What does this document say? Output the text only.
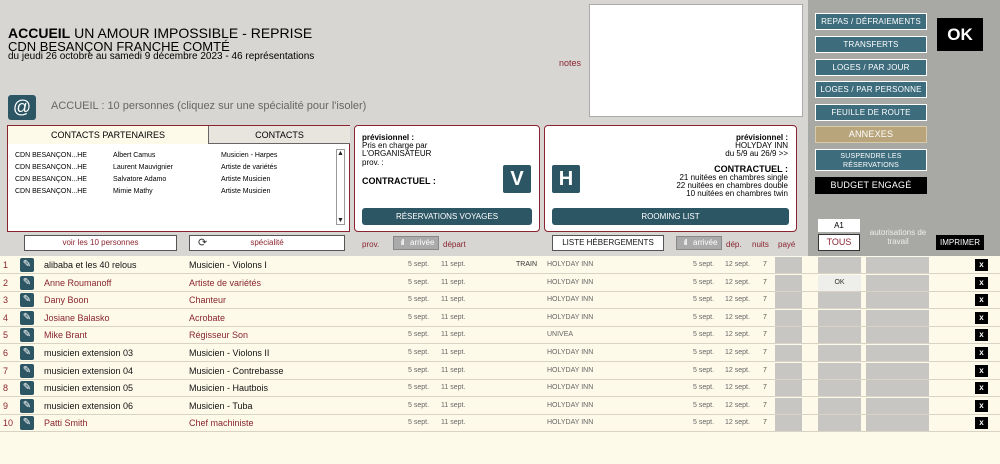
ACCUEIL UN AMOUR IMPOSSIBLE - REPRISE
CDN BESANÇON FRANCHE COMTÉ
du jeudi 26 octobre au samedi 9 décembre 2023 - 46 représentations
notes
@	ACCUEIL : 10 personnes (cliquez sur une spécialité pour l'isoler)
REPAS / DÉFRAIEMENTS
TRANSFERTS
LOGES / PAR JOUR
LOGES / PAR PERSONNE
FEUILLE DE ROUTE
ANNEXES
SUSPENDRE LES
RÉSERVATIONS
BUDGET ENGAGÉ
OK
A1
TOUS
autorisations de travail	IMPRIMER
CONTACTS PARTENAIRES	CONTACTS
CDN BESANÇON...HE	Albert Camus	Musicien - Harpes
CDN BESANÇON...HE	Laurent Mauvignier	Artiste de variétés
CDN BESANÇON...HE	Salvatore Adamo	Artiste Musicien
CDN BESANÇON...HE	Mimie Mathy	Artiste Musicien
▲
▼
prévisionnel :
Pris en charge par
L'ORGANISATEUR
prov. :
CONTRACTUEL :	V
RÉSERVATIONS VOYAGES
prévisionnel :
HOLYDAY INN
du 5/9 au 26/9 >>
CONTRACTUEL :
21 nuitées en chambres single
22 nuitées en chambres double
10 nuitées en chambres twin
H
ROOMING LIST
voir les 10 personnes	⟳	spécialité	prov.	ıll arrivée	départ	LISTE HÉBERGEMENTS	ıll arrivée	dép. nuits payé
1 ✎	alibaba et les 40 relous	Musicien - Violons I	5 sept. 11 sept.	TRAIN HOLYDAY INN	5 sept. 12 sept. 7	x
2 ✎	Anne Roumanoff	Artiste de variétés	5 sept. 11 sept.	HOLYDAY INN	5 sept. 12 sept. 7	OK	x
3 ✎	Dany Boon	Chanteur	5 sept. 11 sept.	HOLYDAY INN	5 sept. 12 sept. 7	x
4 ✎	Josiane Balasko	Acrobate	5 sept. 11 sept.	HOLYDAY INN	5 sept. 12 sept. 7	x
5 ✎	Mike Brant	Régisseur Son	5 sept. 11 sept.	UNIVEA	5 sept. 12 sept. 7	x
6 ✎	musicien extension 03	Musicien - Violons II	5 sept. 11 sept.	HOLYDAY INN	5 sept. 12 sept. 7	x
7 ✎	musicien extension 04	Musicien - Contrebasse	5 sept. 11 sept.	HOLYDAY INN	5 sept. 12 sept. 7	x
8 ✎	musicien extension 05	Musicien - Hautbois	5 sept. 11 sept.	HOLYDAY INN	5 sept. 12 sept. 7	x
9 ✎	musicien extension 06	Musicien - Tuba	5 sept. 11 sept.	HOLYDAY INN	5 sept. 12 sept. 7	x
10 ✎	Patti Smith	Chef machiniste	5 sept. 11 sept.	HOLYDAY INN	5 sept. 12 sept. 7	x
